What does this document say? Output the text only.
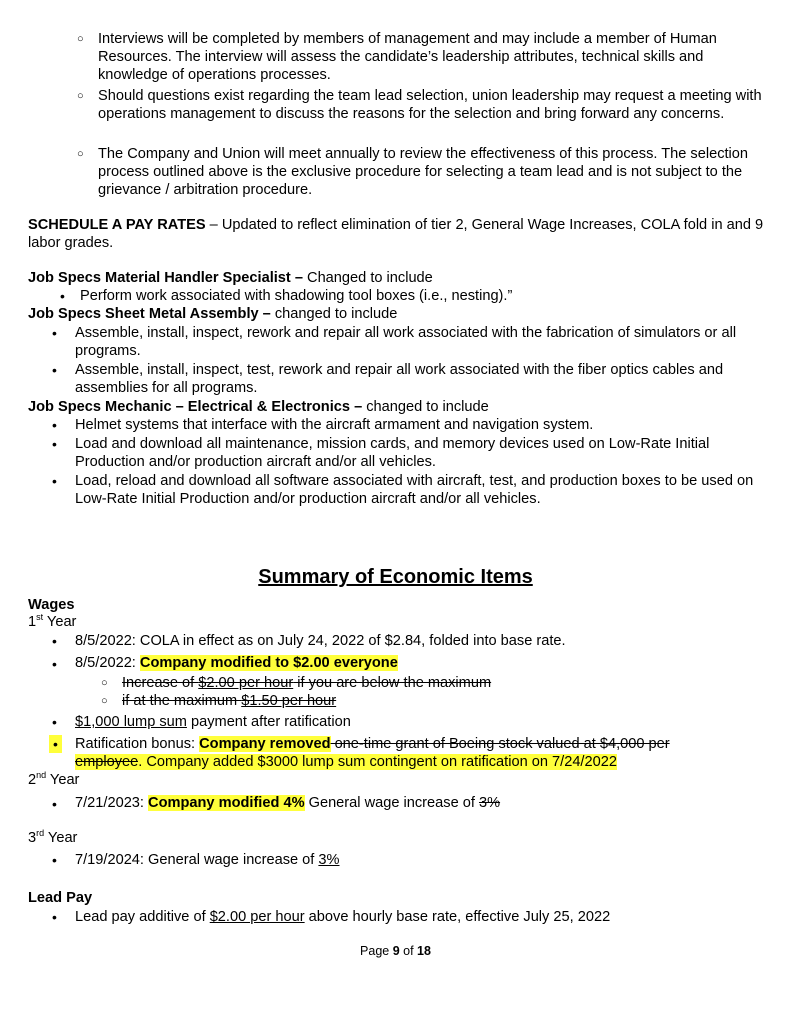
○ Interviews will be completed by members of management and may include a member of Human Resources. The interview will assess the candidate’s leadership attributes, technical skills and knowledge of operations processes.
○ Should questions exist regarding the team lead selection, union leadership may request a meeting with operations management to discuss the reasons for the selection and bring forward any concerns.
○ The Company and Union will meet annually to review the effectiveness of this process. The selection process outlined above is the exclusive procedure for selecting a team lead and is not subject to the grievance / arbitration procedure.
SCHEDULE A PAY RATES – Updated to reflect elimination of tier 2, General Wage Increases, COLA fold in and 9 labor grades.
Job Specs Material Handler Specialist – Changed to include
• Perform work associated with shadowing tool boxes (i.e., nesting).”
Job Specs Sheet Metal Assembly – changed to include
• Assemble, install, inspect, rework and repair all work associated with the fabrication of simulators or all programs.
• Assemble, install, inspect, test, rework and repair all work associated with the fiber optics cables and assemblies for all programs.
Job Specs Mechanic – Electrical & Electronics – changed to include
• Helmet systems that interface with the aircraft armament and navigation system.
• Load and download all maintenance, mission cards, and memory devices used on Low-Rate Initial Production and/or production aircraft and/or all vehicles.
• Load, reload and download all software associated with aircraft, test, and production boxes to be used on Low-Rate Initial Production and/or production aircraft and/or all vehicles.
Summary of Economic Items
Wages
1st Year
• 8/5/2022: COLA in effect as on July 24, 2022 of $2.84, folded into base rate.
• 8/5/2022: Company modified to $2.00 everyone
○ Increase of $2.00 per hour if you are below the maximum
○ if at the maximum $1.50 per hour
• $1,000 lump sum payment after ratification
• Ratification bonus: Company removed one-time grant of Boeing stock valued at $4,000 per
employee. Company added $3000 lump sum contingent on ratification on 7/24/2022
2nd Year
• 7/21/2023: Company modified 4% General wage increase of 3%
3rd Year
• 7/19/2024: General wage increase of 3%
Lead Pay
• Lead pay additive of $2.00 per hour above hourly base rate, effective July 25, 2022
Page 9 of 18
